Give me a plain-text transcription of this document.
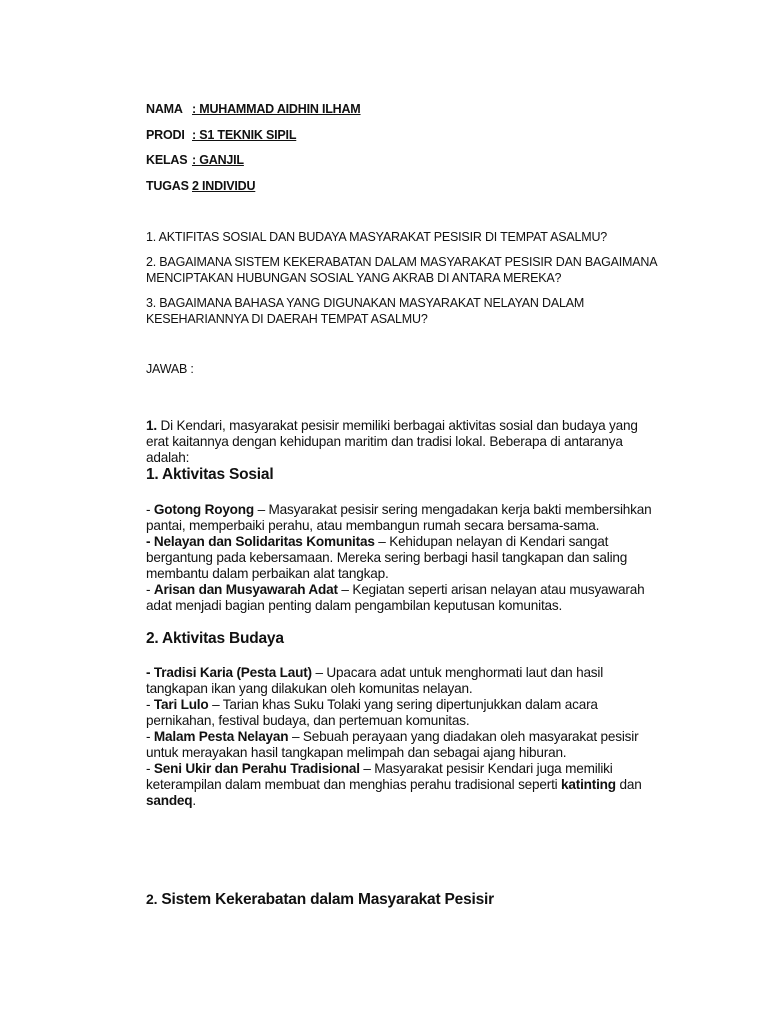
NAMA : MUHAMMAD AIDHIN ILHAM
PRODI : S1 TEKNIK SIPIL
KELAS : GANJIL
TUGAS 2 INDIVIDU
1. AKTIFITAS SOSIAL DAN BUDAYA MASYARAKAT PESISIR DI TEMPAT ASALMU?
2. BAGAIMANA SISTEM KEKERABATAN DALAM MASYARAKAT PESISIR DAN BAGAIMANA MENCIPTAKAN HUBUNGAN SOSIAL YANG AKRAB DI ANTARA MEREKA?
3. BAGAIMANA BAHASA YANG DIGUNAKAN MASYARAKAT NELAYAN DALAM KESEHARIANNYA DI DAERAH TEMPAT ASALMU?
JAWAB :
1. Di Kendari, masyarakat pesisir memiliki berbagai aktivitas sosial dan budaya yang erat kaitannya dengan kehidupan maritim dan tradisi lokal. Beberapa di antaranya adalah:
1. Aktivitas Sosial
- Gotong Royong – Masyarakat pesisir sering mengadakan kerja bakti membersihkan pantai, memperbaiki perahu, atau membangun rumah secara bersama-sama.
- Nelayan dan Solidaritas Komunitas – Kehidupan nelayan di Kendari sangat bergantung pada kebersamaan. Mereka sering berbagi hasil tangkapan dan saling membantu dalam perbaikan alat tangkap.
- Arisan dan Musyawarah Adat – Kegiatan seperti arisan nelayan atau musyawarah adat menjadi bagian penting dalam pengambilan keputusan komunitas.
2. Aktivitas Budaya
- Tradisi Karia (Pesta Laut) – Upacara adat untuk menghormati laut dan hasil tangkapan ikan yang dilakukan oleh komunitas nelayan.
- Tari Lulo – Tarian khas Suku Tolaki yang sering dipertunjukkan dalam acara pernikahan, festival budaya, dan pertemuan komunitas.
- Malam Pesta Nelayan – Sebuah perayaan yang diadakan oleh masyarakat pesisir untuk merayakan hasil tangkapan melimpah dan sebagai ajang hiburan.
- Seni Ukir dan Perahu Tradisional – Masyarakat pesisir Kendari juga memiliki keterampilan dalam membuat dan menghias perahu tradisional seperti katinting dan sandeq.
2. Sistem Kekerabatan dalam Masyarakat Pesisir
